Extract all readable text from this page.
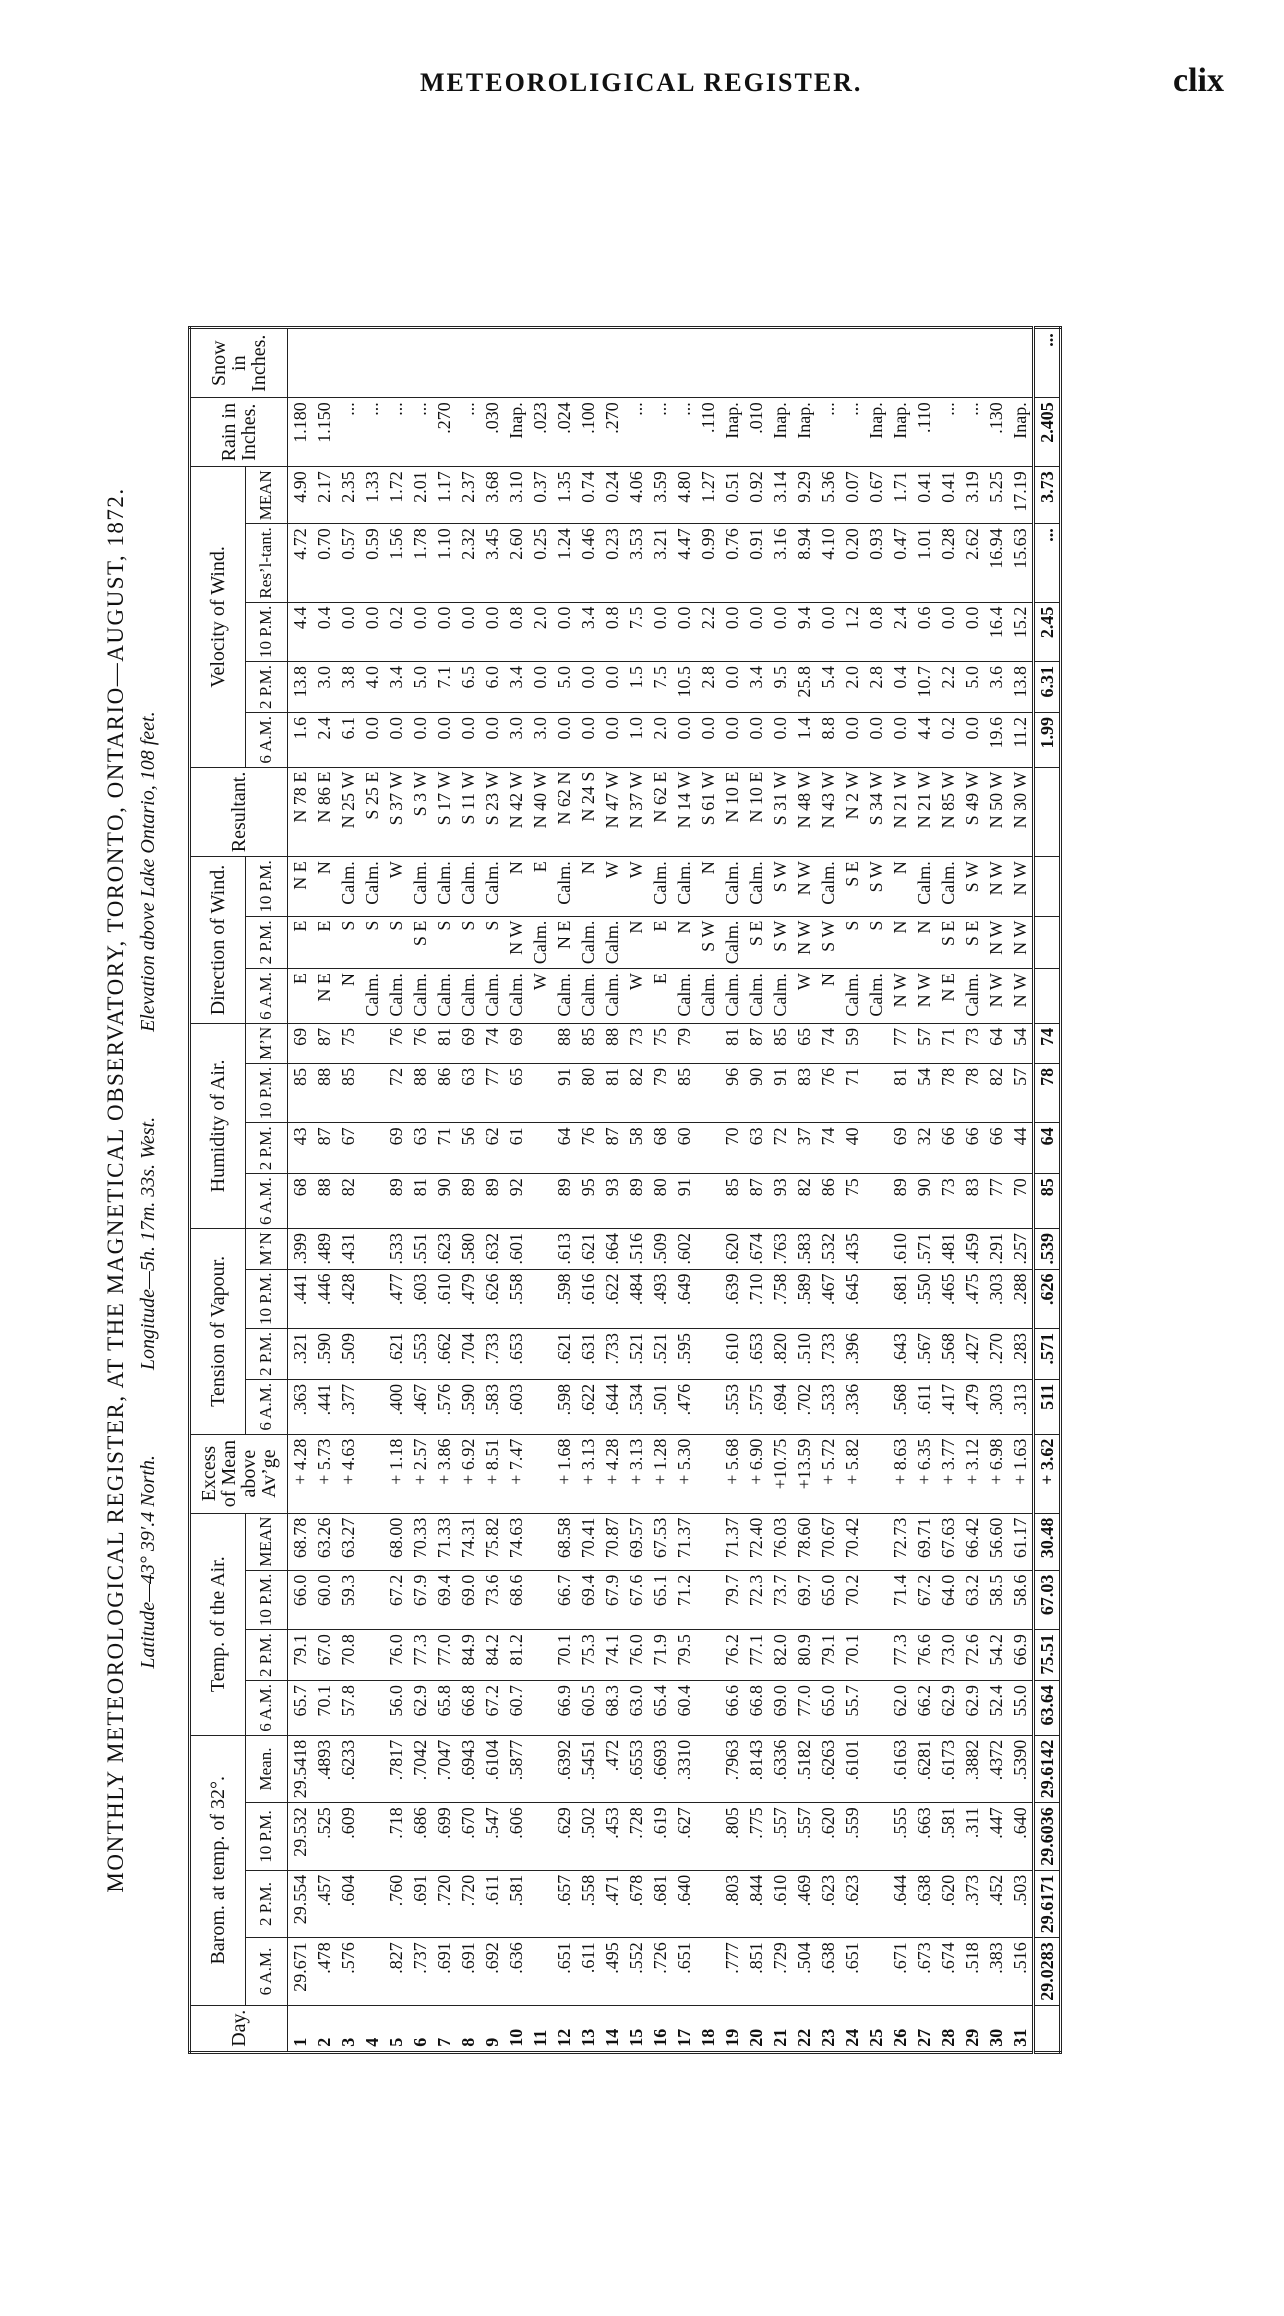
METEOROLIGICAL REGISTER.	clix
MONTHLY METEOROLOGICAL REGISTER, AT THE MAGNETICAL OBSERVATORY, TORONTO, ONTARIO—AUGUST, 1872. Latitude—43° 39′.4 North. Longitude—5h. 17m. 33s. West. Elevation above Lake Ontario, 108 feet.
Day.	Barom. at temp. of 32°.				Temp. of the Air.				Excess of Mean above Av’ge	Tension of Vapour.				Humidity of Air.				Direction of Wind.			Resultant.	Velocity of Wind.					Rain in Inches.	Snow in Inches.
	6 A.M.	2 P.M.	10 P.M.	Mean.	6 A.M.	2 P.M.	10 P.M.	MEAN		6 A.M.	2 P.M.	10 P.M.	M’N	6 A.M.	2 P.M.	10 P.M.	M’N	6 A.M.	2 P.M.	10 P.M.		6 A.M.	2 P.M.	10 P.M.	Res’l-tant.	MEAN		
1	29.671	29.554	29.532	29.5418	65.7	79.1	66.0	68.78	+ 4.28	.363	.321	.441	.399	68	43	85	69	E	E	N E	N 78 E	1.6	13.8	4.4	4.72	4.90	1.180	
2	.478	.457	.525	.4893	70.1	67.0	60.0	63.26	+ 5.73	.441	.590	.446	.489	88	87	88	87	N E	E	N	N 86 E	2.4	3.0	0.4	0.70	2.17	1.150	
3	.576	.604	.609	.6233	57.8	70.8	59.3	63.27	+ 4.63	.377	.509	.428	.431	82	67	85	75	N	S	Calm.	N 25 W	6.1	3.8	0.0	0.57	2.35	...	
4																		Calm.	S	Calm.	S 25 E	0.0	4.0	0.0	0.59	1.33	...	
5	.827	.760	.718	.7817	56.0	76.0	67.2	68.00	+ 1.18	.400	.621	.477	.533	89	69	72	76	Calm.	S	W	S 37 W	0.0	3.4	0.2	1.56	1.72	...	
6	.737	.691	.686	.7042	62.9	77.3	67.9	70.33	+ 2.57	.467	.553	.603	.551	81	63	88	76	Calm.	S E	Calm.	S 3 W	0.0	5.0	0.0	1.78	2.01	...	
7	.691	.720	.699	.7047	65.8	77.0	69.4	71.33	+ 3.86	.576	.662	.610	.623	90	71	86	81	Calm.	S	Calm.	S 17 W	0.0	7.1	0.0	1.10	1.17	.270	
8	.691	.720	.670	.6943	66.8	84.9	69.0	74.31	+ 6.92	.590	.704	.479	.580	89	56	63	69	Calm.	S	Calm.	S 11 W	0.0	6.5	0.0	2.32	2.37	...	
9	.692	.611	.547	.6104	67.2	84.2	73.6	75.82	+ 8.51	.583	.733	.626	.632	89	62	77	74	Calm.	S	Calm.	S 23 W	0.0	6.0	0.0	3.45	3.68	.030	
10	.636	.581	.606	.5877	60.7	81.2	68.6	74.63	+ 7.47	.603	.653	.558	.601	92	61	65	69	Calm.	N W	N	N 42 W	3.0	3.4	0.8	2.60	3.10	Inap.	
11																		W	Calm.	E	N 40 W	3.0	0.0	2.0	0.25	0.37	.023	
12	.651	.657	.629	.6392	66.9	70.1	66.7	68.58	+ 1.68	.598	.621	.598	.613	89	64	91	88	Calm.	N E	Calm.	N 62 N	0.0	5.0	0.0	1.24	1.35	.024	
13	.611	.558	.502	.5451	60.5	75.3	69.4	70.41	+ 3.13	.622	.631	.616	.621	95	76	80	85	Calm.	Calm.	N	N 24 S	0.0	0.0	3.4	0.46	0.74	.100	
14	.495	.471	.453	.472	68.3	74.1	67.9	70.87	+ 4.28	.644	.733	.622	.664	93	87	81	88	Calm.	Calm.	W	N 47 W	0.0	0.0	0.8	0.23	0.24	.270	
15	.552	.678	.728	.6553	63.0	76.0	67.6	69.57	+ 3.13	.534	.521	.484	.516	89	58	82	73	W	N	W	N 37 W	1.0	1.5	7.5	3.53	4.06	...	
16	.726	.681	.619	.6693	65.4	71.9	65.1	67.53	+ 1.28	.501	.521	.493	.509	80	68	79	75	E	E	Calm.	N 62 E	2.0	7.5	0.0	3.21	3.59	...	
17	.651	.640	.627	.3310	60.4	79.5	71.2	71.37	+ 5.30	.476	.595	.649	.602	91	60	85	79	Calm.	N	Calm.	N 14 W	0.0	10.5	0.0	4.47	4.80	...	
18																		Calm.	S W	N	S 61 W	0.0	2.8	2.2	0.99	1.27	.110	
19	.777	.803	.805	.7963	66.6	76.2	79.7	71.37	+ 5.68	.553	.610	.639	.620	85	70	96	81	Calm.	Calm.	Calm.	N 10 E	0.0	0.0	0.0	0.76	0.51	Inap.	
20	.851	.844	.775	.8143	66.8	77.1	72.3	72.40	+ 6.90	.575	.653	.710	.674	87	63	90	87	Calm.	S E	Calm.	N 10 E	0.0	3.4	0.0	0.91	0.92	.010	
21	.729	.610	.557	.6336	69.0	82.0	73.7	76.03	+10.75	.694	.820	.758	.763	93	72	91	85	Calm.	S W	S W	S 31 W	0.0	9.5	0.0	3.16	3.14	Inap.	
22	.504	.469	.557	.5182	77.0	80.9	69.7	78.60	+13.59	.702	.510	.589	.583	82	37	83	65	W	N W	N W	N 48 W	1.4	25.8	9.4	8.94	9.29	Inap.	
23	.638	.623	.620	.6263	65.0	79.1	65.0	70.67	+ 5.72	.533	.733	.467	.532	86	74	76	74	N	S W	Calm.	N 43 W	8.8	5.4	0.0	4.10	5.36	...	
24	.651	.623	.559	.6101	55.7	70.1	70.2	70.42	+ 5.82	.336	.396	.645	.435	75	40	71	59	Calm.	S	S E	N 2 W	0.0	2.0	1.2	0.20	0.07	...	
25																		Calm.	S	S W	S 34 W	0.0	2.8	0.8	0.93	0.67	Inap.	
26	.671	.644	.555	.6163	62.0	77.3	71.4	72.73	+ 8.63	.568	.643	.681	.610	89	69	81	77	N W	N	N	N 21 W	0.0	0.4	2.4	0.47	1.71	Inap.	
27	.673	.638	.663	.6281	66.2	76.6	67.2	69.71	+ 6.35	.611	.567	.550	.571	90	32	54	57	N W	N	Calm.	N 21 W	4.4	10.7	0.6	1.01	0.41	.110	
28	.674	.620	.581	.6173	62.9	73.0	64.0	67.63	+ 3.77	.417	.568	.465	.481	73	66	78	71	N E	S E	Calm.	N 85 W	0.2	2.2	0.0	0.28	0.41	...	
29	.518	.373	.311	.3882	62.9	72.6	63.2	66.42	+ 3.12	.479	.427	.475	.459	83	66	78	73	Calm.	S E	S W	S 49 W	0.0	5.0	0.0	2.62	3.19	...	
30	.383	.452	.447	.4372	52.4	54.2	58.5	56.60	+ 6.98	.303	.270	.303	.291	77	66	82	64	N W	N W	N W	N 50 W	19.6	3.6	16.4	16.94	5.25	.130	
31	.516	.503	.640	.5390	55.0	66.9	58.6	61.17	+ 1.63	.313	.283	.288	.257	70	44	57	54	N W	N W	N W	N 30 W	11.2	13.8	15.2	15.63	17.19	Inap.	
	29.0283	29.6171	29.6036	29.6142	63.64	75.51	67.03	30.48	+ 3.62	511	.571	.626	.539	85	64	78	74					1.99	6.31	2.45	...	3.73	2.405	...
